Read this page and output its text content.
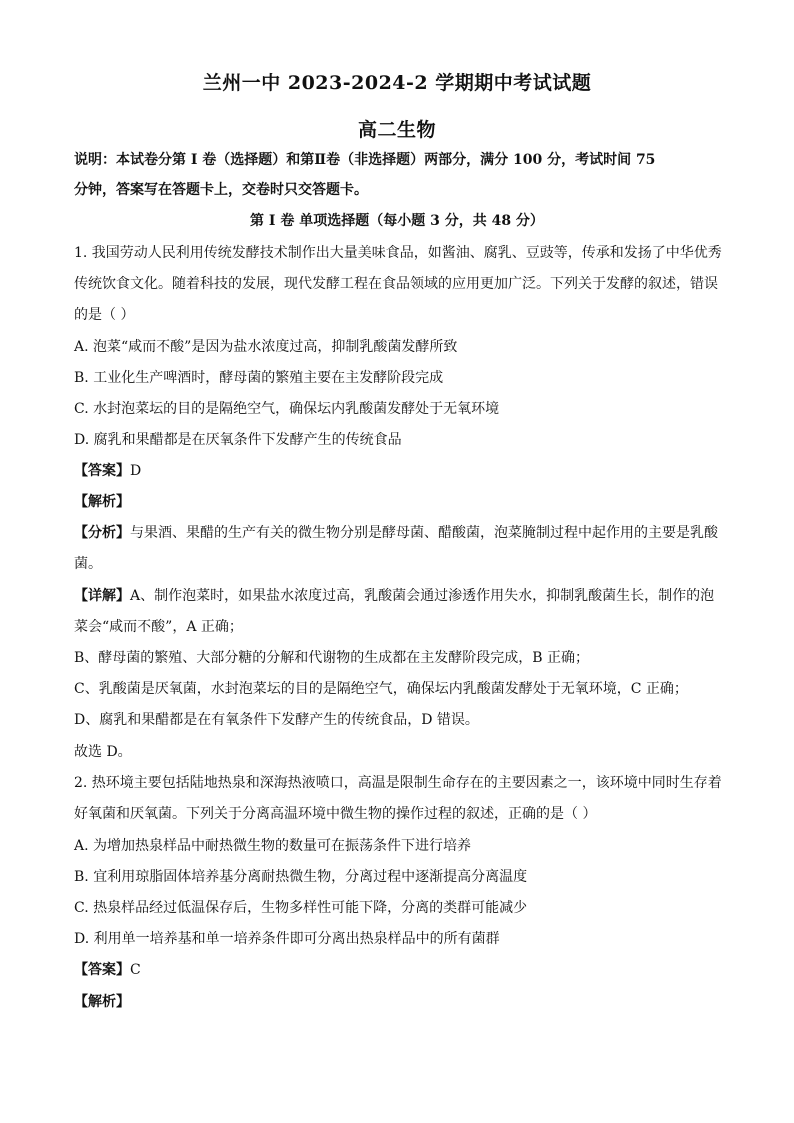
兰州一中 2023-2024-2 学期期中考试试题
高二生物
说明：本试卷分第 I 卷（选择题）和第Ⅱ卷（非选择题）两部分，满分 100 分，考试时间 75
分钟，答案写在答题卡上，交卷时只交答题卡。
第 I 卷 单项选择题（每小题 3 分，共 48 分）
1. 我国劳动人民利用传统发酵技术制作出大量美味食品，如酱油、腐乳、豆豉等，传承和发扬了中华优秀
传统饮食文化。随着科技的发展，现代发酵工程在食品领域的应用更加广泛。下列关于发酵的叙述，错误
的是（ ）
A. 泡菜“咸而不酸”是因为盐水浓度过高，抑制乳酸菌发酵所致
B. 工业化生产啤酒时，酵母菌的繁殖主要在主发酵阶段完成
C. 水封泡菜坛的目的是隔绝空气，确保坛内乳酸菌发酵处于无氧环境
D. 腐乳和果醋都是在厌氧条件下发酵产生的传统食品
【答案】D
【解析】
【分析】与果酒、果醋的生产有关的微生物分别是酵母菌、醋酸菌，泡菜腌制过程中起作用的主要是乳酸
菌。
【详解】A、制作泡菜时，如果盐水浓度过高，乳酸菌会通过渗透作用失水，抑制乳酸菌生长，制作的泡
菜会“咸而不酸”，A 正确；
B、酵母菌的繁殖、大部分糖的分解和代谢物的生成都在主发酵阶段完成，B 正确；
C、乳酸菌是厌氧菌，水封泡菜坛的目的是隔绝空气，确保坛内乳酸菌发酵处于无氧环境，C 正确；
D、腐乳和果醋都是在有氧条件下发酵产生的传统食品，D 错误。
故选 D。
2. 热环境主要包括陆地热泉和深海热液喷口，高温是限制生命存在的主要因素之一，该环境中同时生存着
好氧菌和厌氧菌。下列关于分离高温环境中微生物的操作过程的叙述，正确的是（ ）
A. 为增加热泉样品中耐热微生物的数量可在振荡条件下进行培养
B. 宜利用琼脂固体培养基分离耐热微生物，分离过程中逐渐提高分离温度
C. 热泉样品经过低温保存后，生物多样性可能下降，分离的类群可能减少
D. 利用单一培养基和单一培养条件即可分离出热泉样品中的所有菌群
【答案】C
【解析】
